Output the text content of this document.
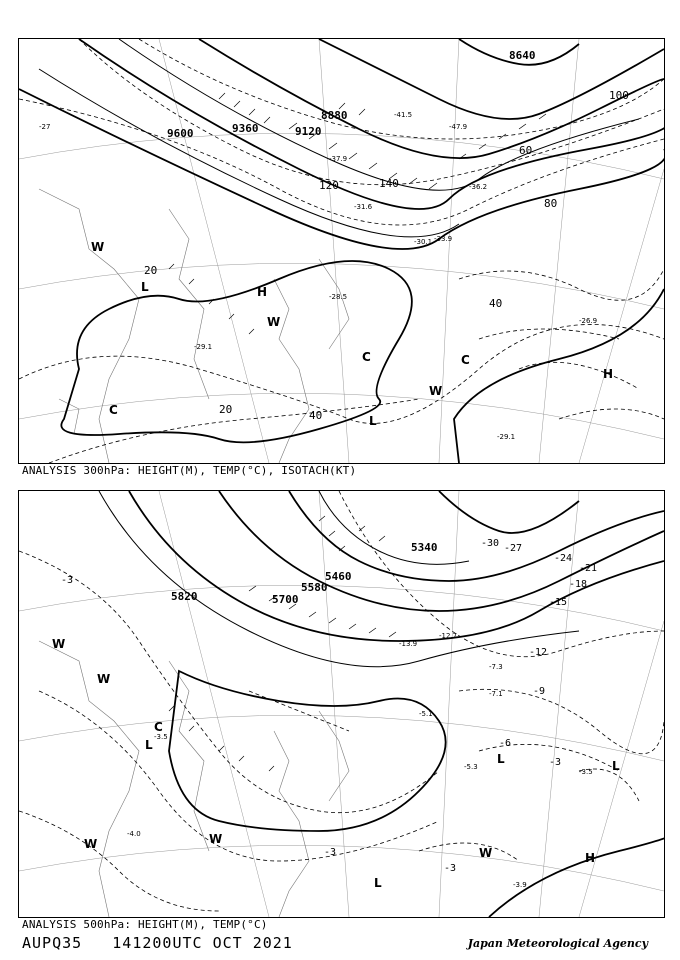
9600	9360	9120
8880
8640
20
40
60
80
100
120	140
40
20
-27
-28.5
-29.1
-30.1
-31.6
-33.9
-36.2
-37.9
-41.5
-47.9
-26.9
-29.1
L	H
C
W
C
W
L
C
W
H
ANALYSIS 300hPa: HEIGHT(M), TEMP(°C), ISOTACH(KT)
5820	5700
5580
5460
5340
-3
-6
-9
-12
-15
-18
-21
-24
-27
-30
-3
-3
-3
-3.5
-4.0
-5.1
-5.3
-7.1
-3.9
-3.5
-7.3
-12.7
-13.9
W
W
C
L
W	W
L
W
L
H
L
ANALYSIS 500hPa: HEIGHT(M), TEMP(°C)
AUPQ35 141200UTC OCT 2021	Japan Meteorological Agency
